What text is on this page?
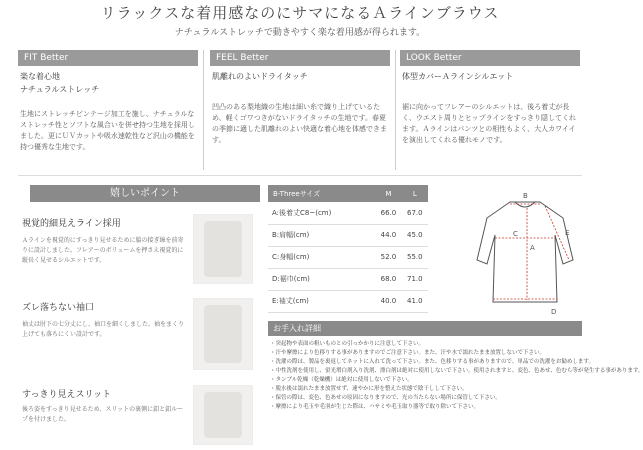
リラックスな着用感なのにサマになるＡラインブラウス
ナチュラルストレッチで動きやすく楽な着用感が得られます。
FIT Better
楽な着心地
ナチュラルストレッチ
生地にストレッチピンテージ加工を施し、ナチュラルなストレッチ性とソフトな風合いを併せ持つ生地を採用しました。更にＵＶカットや吸水速乾性など沢山の機能を持つ優秀な生地です。
FEEL Better
肌離れのよいドライタッチ
凹凸のある梨地織の生地は細い糸で織り上げているため、軽くゴワつきがないドライタッチの生地です。春夏の季節に適した肌離れのよい快適な着心地を体感できます。
LOOK Better
体型カバーＡラインシルエット
裾に向かってフレアーのシルエットは、後ろ着丈が長く、ウエスト周りとヒップラインをすっきり隠してくれます。Ａラインはパンツとの相性もよく、大人カワイイを演出してくれる優れモノです。
嬉しいポイント
視覚的細見えライン採用
Ａラインを視覚的にすっきり見せるために脇の接ぎ線を前寄りに設計しました。フレアーのボリュームを押さえ視覚的に縦長く見せるシルエットです。
ズレ落ちない袖口
袖丈は肘下の七分丈にし、袖口を細くしました。袖をまくり上げても落ちにくい設計です。
すっきり見えスリット
後ろ姿をすっきり見せるため、スリットの裏側に釦と釦ループを付けました。
B-Threeサイズ	M	L
A:後着丈C8~(cm)	66.0	67.0
B:肩幅(cm)	44.0	45.0
C:身幅(cm)	52.0	55.0
D:裾巾(cm)	68.0	71.0
E:袖丈(cm)	40.0	41.0
B
A
C
D
E
お手入れ詳細
・突起物や表面の粗いものとの引っかかりに注意して下さい。
・汗や摩擦により色移りする事がありますのでご注意下さい。また、汗や水で濡れたまま放置しないで下さい。
・洗濯の際は、製品を裏返してネットに入れて洗って下さい。また、色移りする事がありますので、単品での洗濯をお勧めします。
・中性洗剤を使用し、蛍光増白剤入り洗剤、漂白剤は絶対に使用しないで下さい。使用されますと、変色、色あせ、色むら等が発生する事があります。
・タンブル乾燥（乾燥機）は絶対に使用しないで下さい。
・脱水後は濡れたまま放置せず、速やかに形を整えた状態で陰干しして下さい。
・保管の際は、変色、色あせの原因になりますので、光の当たらない場所に保管して下さい。
・摩擦により毛玉や毛羽が生じた際は、ハサミや毛玉取り器等で取り除いて下さい。
